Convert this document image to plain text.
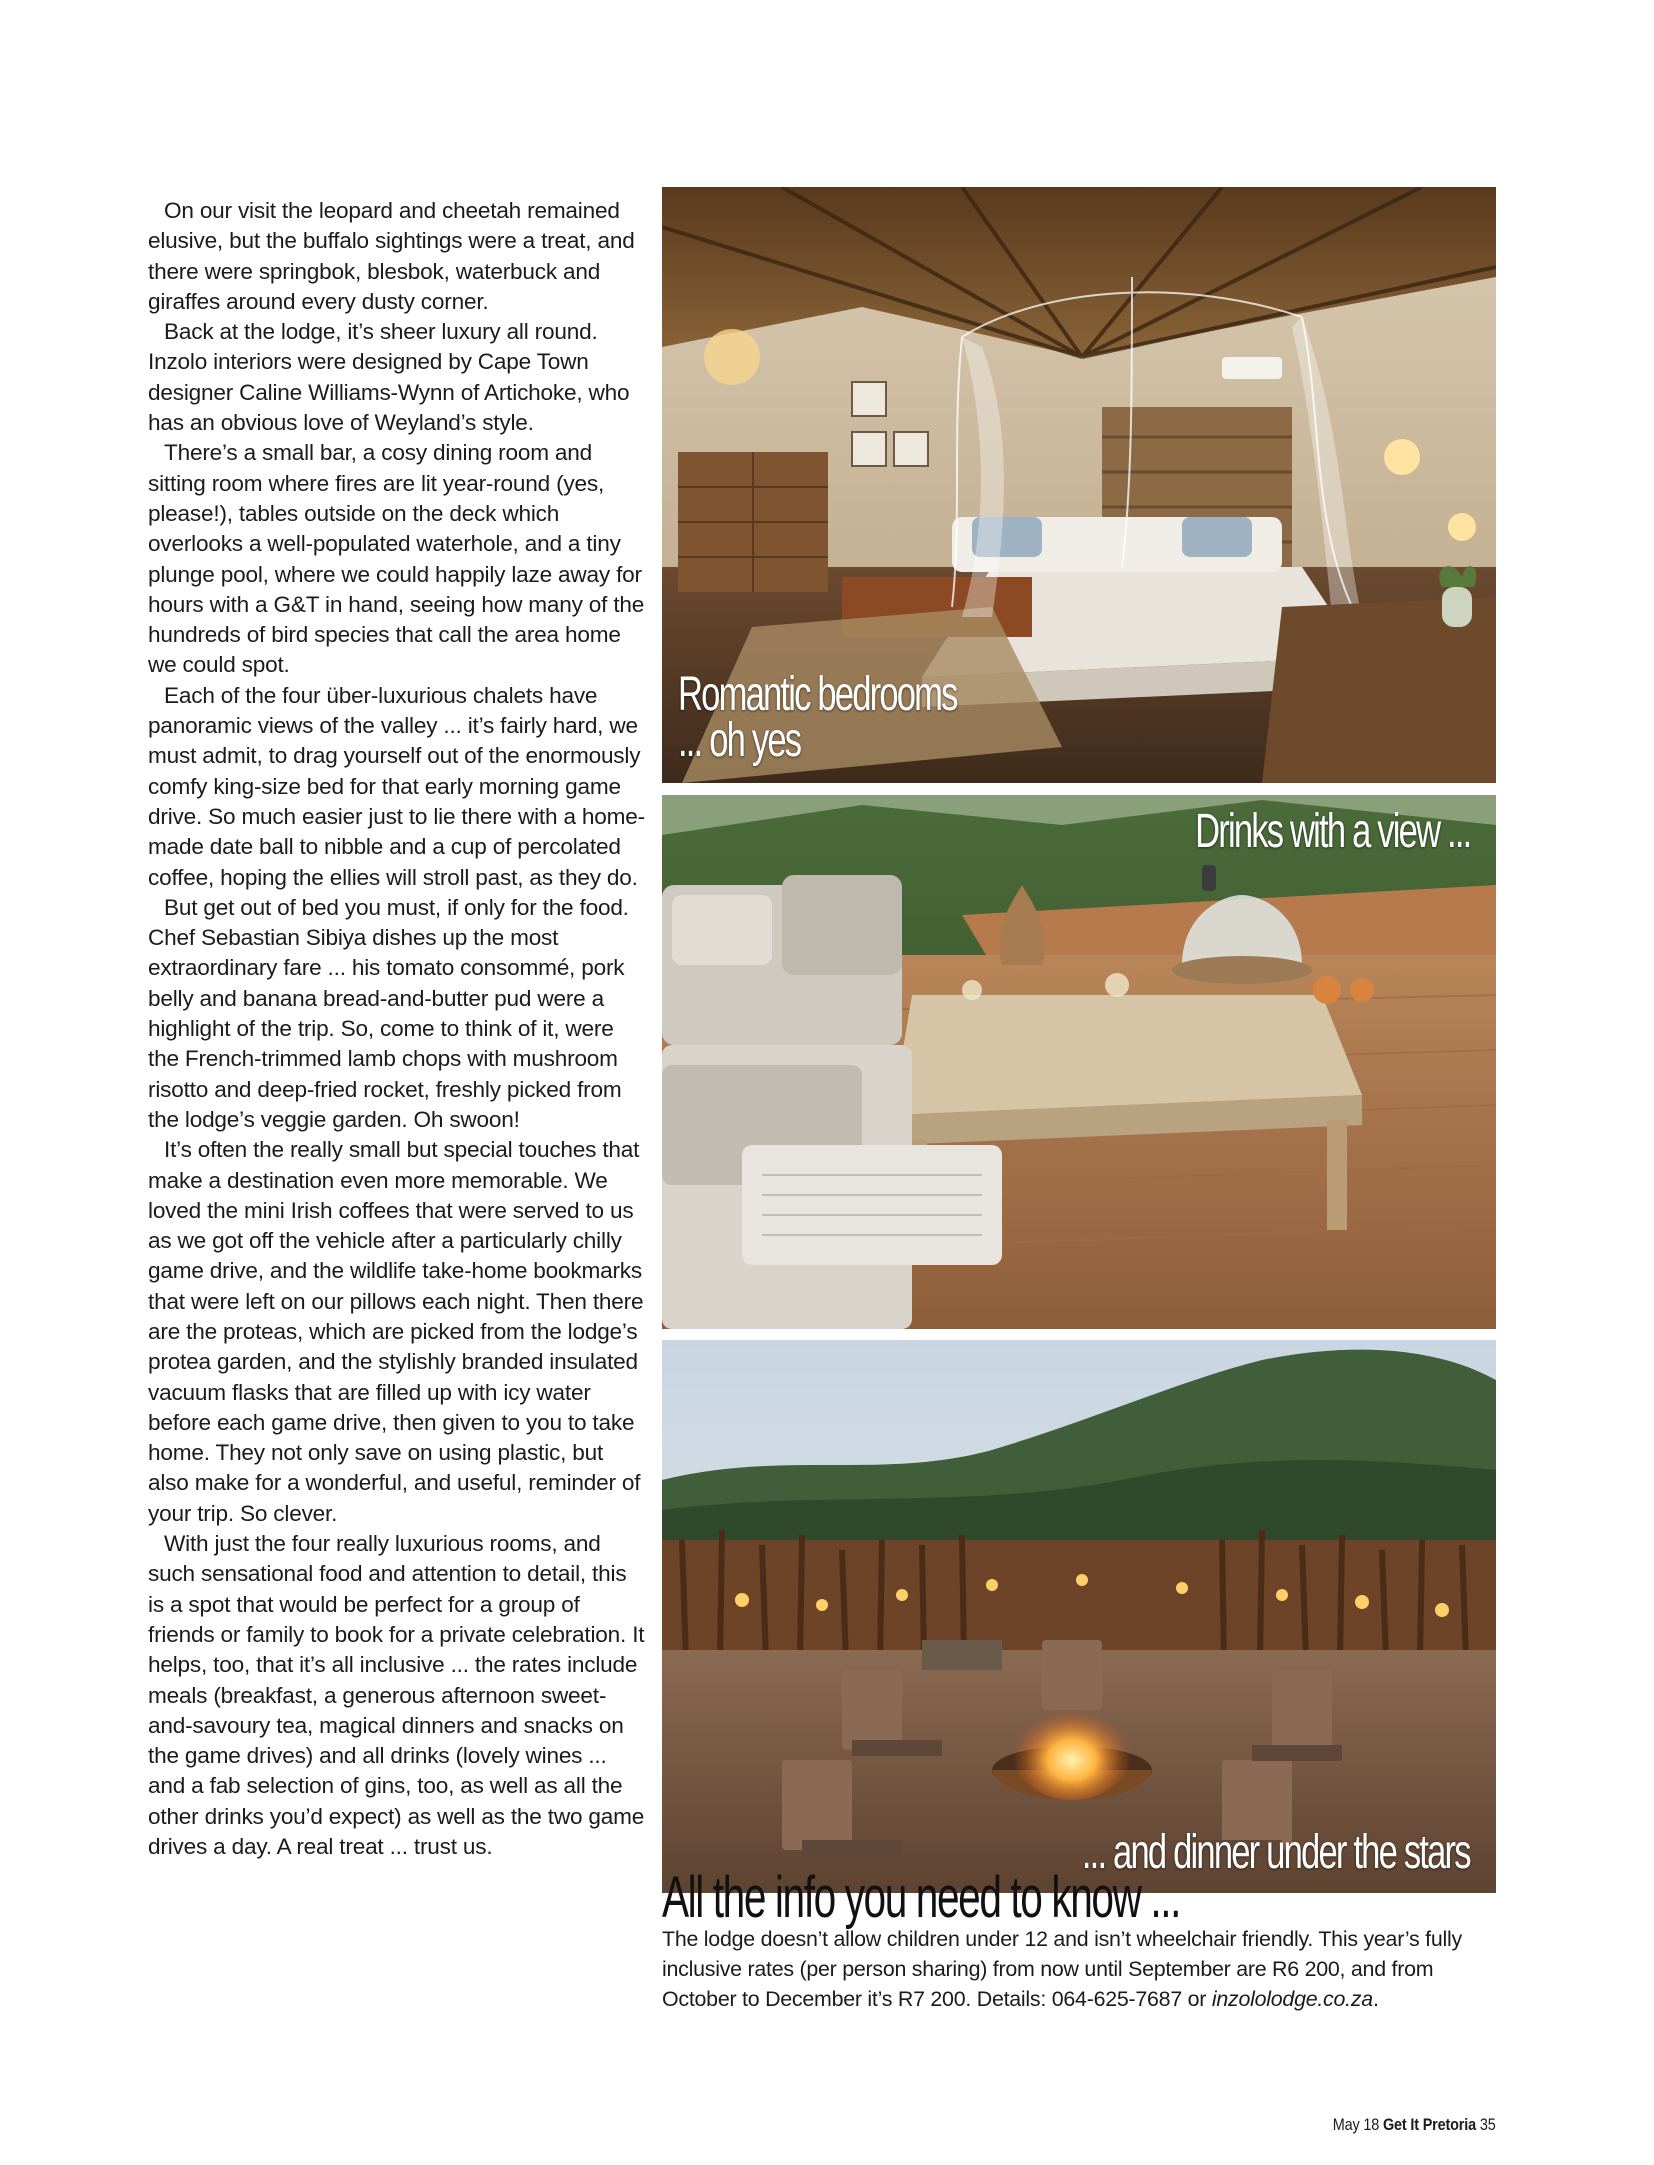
On our visit the leopard and cheetah remained elusive, but the buffalo sightings were a treat, and there were springbok, blesbok, waterbuck and giraffes around every dusty corner.

Back at the lodge, it’s sheer luxury all round. Inzolo interiors were designed by Cape Town designer Caline Williams-Wynn of Artichoke, who has an obvious love of Weyland’s style.

There’s a small bar, a cosy dining room and sitting room where fires are lit year-round (yes, please!), tables outside on the deck which overlooks a well-populated waterhole, and a tiny plunge pool, where we could happily laze away for hours with a G&T in hand, seeing how many of the hundreds of bird species that call the area home we could spot.

Each of the four über-luxurious chalets have panoramic views of the valley ... it’s fairly hard, we must admit, to drag yourself out of the enormously comfy king-size bed for that early morning game drive. So much easier just to lie there with a home-made date ball to nibble and a cup of percolated coffee, hoping the ellies will stroll past, as they do.

But get out of bed you must, if only for the food. Chef Sebastian Sibiya dishes up the most extraordinary fare ... his tomato consommé, pork belly and banana bread-and-butter pud were a highlight of the trip. So, come to think of it, were the French-trimmed lamb chops with mushroom risotto and deep-fried rocket, freshly picked from the lodge’s veggie garden. Oh swoon!

It’s often the really small but special touches that make a destination even more memorable. We loved the mini Irish coffees that were served to us as we got off the vehicle after a particularly chilly game drive, and the wildlife take-home bookmarks that were left on our pillows each night. Then there are the proteas, which are picked from the lodge’s protea garden, and the stylishly branded insulated vacuum flasks that are filled up with icy water before each game drive, then given to you to take home. They not only save on using plastic, but also make for a wonderful, and useful, reminder of your trip. So clever.

With just the four really luxurious rooms, and such sensational food and attention to detail, this is a spot that would be perfect for a group of friends or family to book for a private celebration. It helps, too, that it’s all inclusive ... the rates include meals (breakfast, a generous afternoon sweet-and-savoury tea, magical dinners and snacks on the game drives) and all drinks (lovely wines ... and a fab selection of gins, too, as well as all the other drinks you’d expect) as well as the two game drives a day. A real treat ... trust us.

Romantic bedrooms
... oh yes
Drinks with a view ...
... and dinner under the stars
All the info you need to know ...
The lodge doesn’t allow children under 12 and isn’t wheelchair friendly. This year’s fully inclusive rates (per person sharing) from now until September are R6 200, and from October to December it’s R7 200. Details: 064-625-7687 or inzololodge.co.za.
May 18 Get It Pretoria 35
